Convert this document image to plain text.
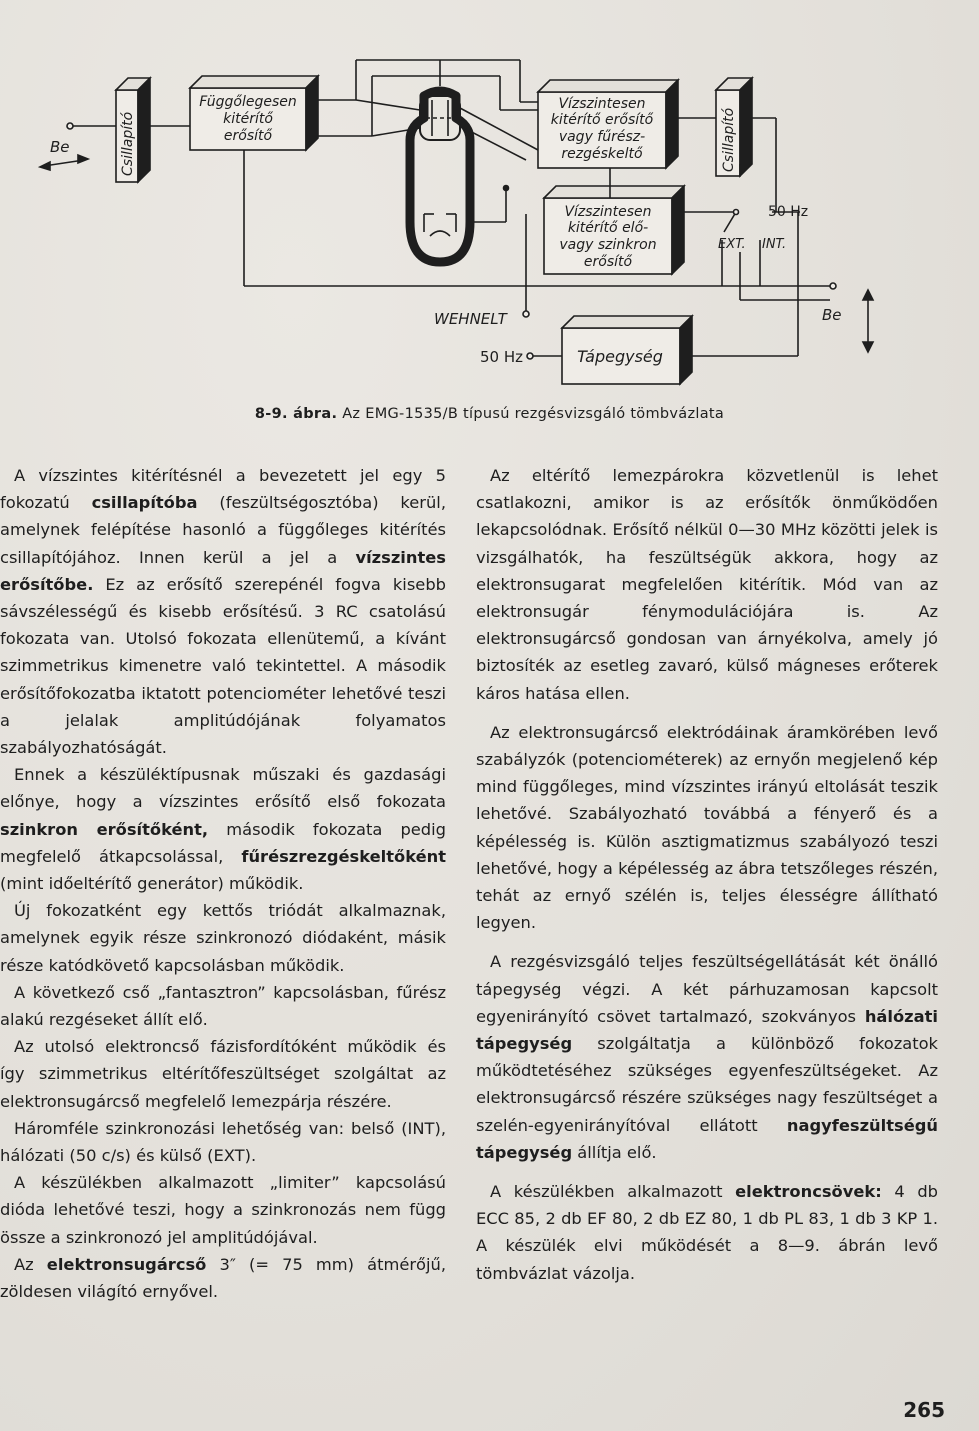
Csillapító	Csillapító
Függőlegesen
kitérítő
erősítő
Vízszintesen
kitérítő erősítő
vagy fűrész-
rezgéskeltő
Vízszintesen
kitérítő elő-
vagy szinkron
erősítő
Tápegység
Be
Be
WEHNELT
50 Hz
EXT. INT.
50 Hz
8-9. ábra. Az EMG-1535/B típusú rezgésvizsgáló tömbvázlata

A vízszintes kitérítésnél a bevezetett jel egy 5 fokozatú csillapítóba (feszültségosztóba) kerül, amelynek felépítése hasonló a függőleges kitérítés csillapítójához. Innen kerül a jel a vízszintes erősítőbe. Ez az erősítő szerepénél fogva kisebb sávszélességű és kisebb erősítésű. 3 RC csatolású fokozata van. Utolsó fokozata ellenütemű, a kívánt szimmetrikus kimenetre való tekintettel. A második erősítőfokozatba iktatott potenciométer lehetővé teszi a jelalak amplitúdójának folyamatos szabályozhatóságát.

Ennek a készüléktípusnak műszaki és gazdasági előnye, hogy a vízszintes erősítő első fokozata szinkron erősítőként, második fokozata pedig megfelelő átkapcsolással, fűrészrezgéskeltőként (mint időeltérítő generátor) működik.

Új fokozatként egy kettős triódát alkalmaznak, amelynek egyik része szinkronozó diódaként, másik része katódkövető kapcsolásban működik.

A következő cső „fantasztron” kapcsolásban, fűrész alakú rezgéseket állít elő.

Az utolsó elektroncső fázisfordítóként működik és így szimmetrikus eltérítőfeszültséget szolgáltat az elektronsugárcső megfelelő lemezpárja részére.

Háromféle szinkronozási lehetőség van: belső (INT), hálózati (50 c/s) és külső (EXT).

A készülékben alkalmazott „limiter” kapcsolású dióda lehetővé teszi, hogy a szinkronozás nem függ össze a szinkronozó jel amplitúdójával.

Az elektronsugárcső 3″ (= 75 mm) átmérőjű, zöldesen világító ernyővel.

Az eltérítő lemezpárokra közvetlenül is lehet csatlakozni, amikor is az erősítők önműködően lekapcsolódnak. Erősítő nélkül 0—30 MHz közötti jelek is vizsgálhatók, ha feszültségük akkora, hogy az elektronsugarat megfelelően kitérítik. Mód van az elektronsugár fénymodulációjára is. Az elektronsugárcső gondosan van árnyékolva, amely jó biztosíték az esetleg zavaró, külső mágneses erőterek káros hatása ellen.

Az elektronsugárcső elektródáinak áramkörében levő szabályzók (potenciométerek) az ernyőn megjelenő kép mind függőleges, mind vízszintes irányú eltolását teszik lehetővé. Szabályozható továbbá a fényerő és a képélesség is. Külön asztigmatizmus szabályozó teszi lehetővé, hogy a képélesség az ábra tetszőleges részén, tehát az ernyő szélén is, teljes élességre állítható legyen.

A rezgésvizsgáló teljes feszültségellátását két önálló tápegység végzi. A két párhuzamosan kapcsolt egyenirányító csövet tartalmazó, szokványos hálózati tápegység szolgáltatja a különböző fokozatok működtetéséhez szükséges egyenfeszültségeket. Az elektronsugárcső részére szükséges nagy feszültséget a szelén-egyenirányítóval ellátott nagyfeszültségű tápegység állítja elő.

A készülékben alkalmazott elektroncsövek: 4 db ECC 85, 2 db EF 80, 2 db EZ 80, 1 db PL 83, 1 db 3 KP 1. A készülék elvi működését a 8—9. ábrán levő tömbvázlat vázolja.

265
